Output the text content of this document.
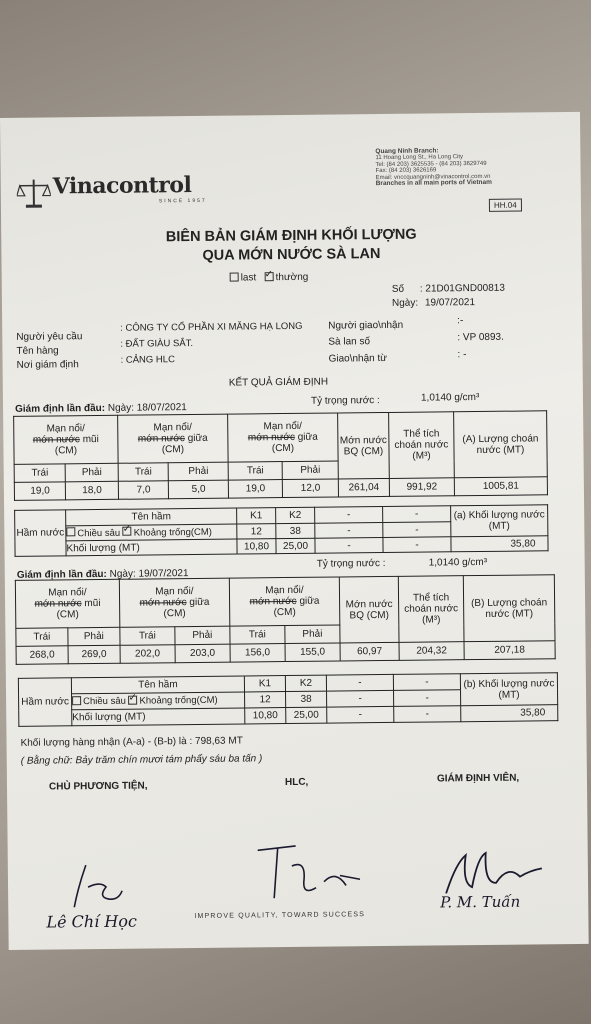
Vinacontrol
SINCE 1957
Quang Ninh Branch:
11 Hoang Long St., Ha Long City
Tel: (84 203) 3625535 - (84 203) 3629749
Fax: (84 203) 3626169
Email: vnccquangninh@vinacontrol.com.vn
Branches in all main ports of Vietnam
HH.04
BIÊN BẢN GIÁM ĐỊNH KHỐI LƯỢNG
QUA MỚN NƯỚC SÀ LAN
last ✓ thường
Số : 21D01GND00813
Ngày: 19/07/2021
Người yêu cầu
: CÔNG TY CỔ PHẦN XI MĂNG HẠ LONG
Tên hàng
: ĐẤT GIÀU SẮT.
Nơi giám định	: CẢNG HLC
Người giao\nhận	:-
Sà lan số	: VP 0893.
Giao\nhận từ	: -
KẾT QUẢ GIÁM ĐỊNH
Giám định lần đầu: Ngày: 18/07/2021
Tỷ trọng nước :	1,0140 g/cm³
Mạn nổi/
mớn nước mũi
(CM)		Mạn nổi/
mớn nước giữa
(CM)		Mạn nổi/
mớn nước giữa
(CM)		Mớn nước BQ (CM)	Thể tích choán nước (M³)	(A) Lượng choán nước (MT)
Trái	Phải	Trái	Phải	Trái	Phải			
19,0	18,0	7,0	5,0	19,0	12,0	261,04	991,92	1005,81
Hầm nước	Tên hầm	K1	K2	-	-	(a) Khối lượng nước (MT)
	Chiều sâu ✓ Khoảng trống(CM)	12	38	-	-	
	Khối lượng (MT)	10,80	25,00	-	-	35,80
Giám định lần đầu: Ngày: 19/07/2021
Tỷ trọng nước :	1,0140 g/cm³
Mạn nổi/
mớn nước mũi
(CM)		Mạn nổi/
mớn nước giữa
(CM)		Mạn nổi/
mớn nước giữa
(CM)		Mớn nước BQ (CM)	Thể tích choán nước (M³)	(B) Lượng choán nước (MT)
Trái	Phải	Trái	Phải	Trái	Phải			
268,0	269,0	202,0	203,0	156,0	155,0	60,97	204,32	207,18
Hầm nước	Tên hầm	K1	K2	-	-	(b) Khối lượng nước (MT)
	Chiều sâu ✓ Khoảng trống(CM)	12	38	-	-	
	Khối lượng (MT)	10,80	25,00	-	-	35,80
Khối lượng hàng nhận (A-a) - (B-b) là : 798,63 MT
( Bằng chữ: Bảy trăm chín mươi tám phẩy sáu ba tấn )
CHỦ PHƯƠNG TIỆN,	HLC,	GIÁM ĐỊNH VIÊN,
Lê Chí Học
P. M. Tuấn
IMPROVE QUALITY, TOWARD SUCCESS
